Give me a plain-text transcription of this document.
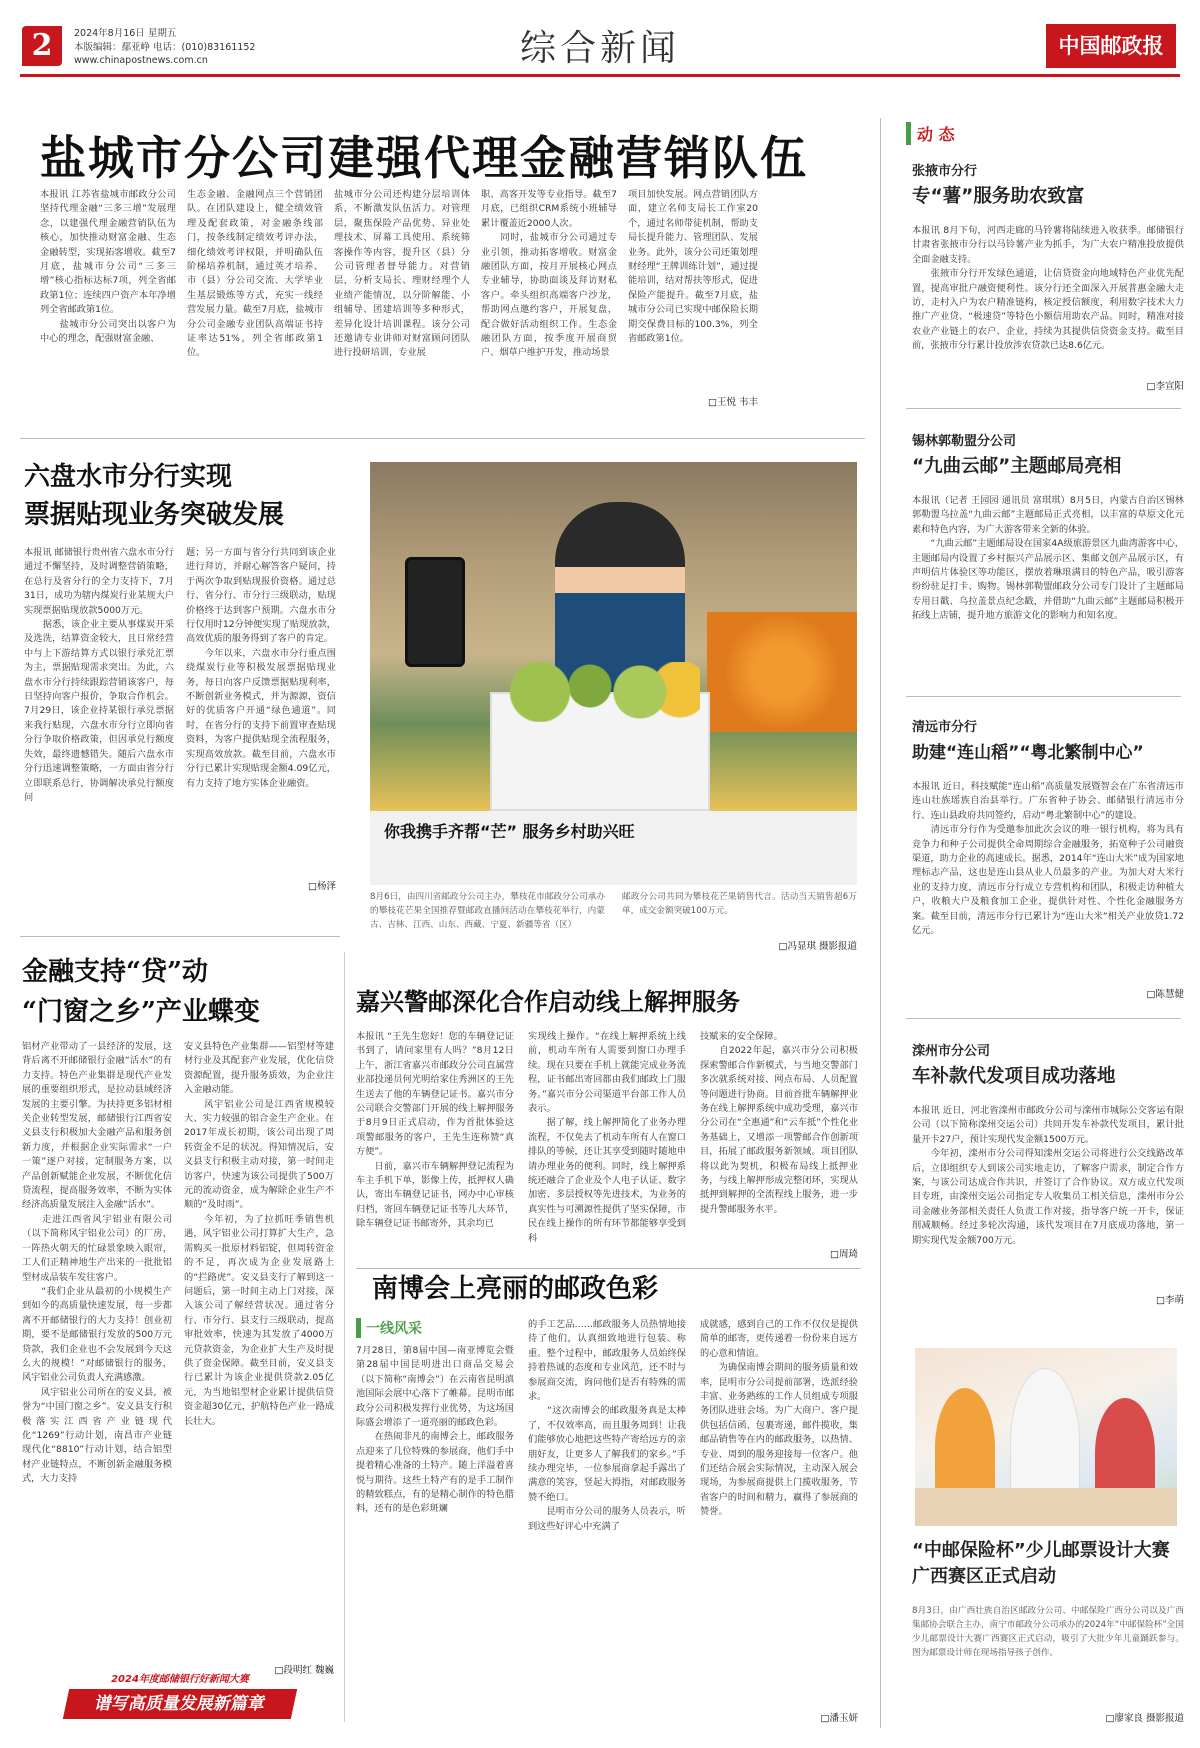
2	2024年8月16日 星期五
本版编辑：鄢亚峥 电话：(010)83161152
www.chinapostnews.com.cn	综合新闻	中国邮政报
盐城市分公司建强代理金融营销队伍
本报讯 江苏省盐城市邮政分公司坚持代理金融“三多三增”发展理念，以建强代理金融营销队伍为核心，加快推动财富金融、生态金融转型，实现拓客增收。截至7月底，盐城市分公司“三多三增”核心指标达标7项，列全省邮政第1位；连续四户资产本年净增列全省邮政第1位。
　　盐城市分公司突出以客户为中心的理念，配强财富金融、
生态金融、金融网点三个营销团队。在团队建设上，健全绩效管理及配套政策，对金融条线部门，按条线制定绩效考评办法，细化绩效考评权限，并明确队伍阶梯培养机制，通过英才培养、市（县）分公司交流、大学毕业生基层锻炼等方式，充实一线经营发展力量。截至7月底，盐城市分公司金融专业团队高端证书持证率达51%，列全省邮政第1位。
盐城市分公司还构建分层培训体系，不断激发队伍活力。对管理层，聚焦保险产品优势、异业处理技术、屏幕工具使用、系统筛客操作等内容，提升区（县）分公司管理者督导能力。对营销层，分析支局长、理财经理个人业绩产能情况，以分阶解能、小组辅导、团建培训等多种形式，差异化设计培训课程。该分公司还邀请专业讲师对财富顾问团队进行投研培训，专业展
职、高客开发等专业指导。截至7月底，已组织CRM系统小班辅导累计覆盖近2000人次。
　　同时，盐城市分公司通过专业引领，推动拓客增收。财富金融团队方面，按月开展核心网点专业辅导，协助面谈及拜访财私客户。牵头组织高端客户沙龙，帮助网点邀约客户，开展复盘，配合做好活动组织工作。生态金融团队方面，按季度开展商贸户、烟草户维护开发，推动场景
项目加快发展。网点营销团队方面，建立名师支局长工作室20个，通过名师带徒机制，帮助支局长提升能力、管理团队、发展业务。此外，该分公司还策划理财经理“王牌训练计划”，通过提能培训，结对帮扶等形式，促进保险产能提升。截至7月底，盐城市分公司已实现中邮保险长期期交保费目标的100.3%，列全省邮政第1位。
□王悦 韦丰
六盘水市分行实现
票据贴现业务突破发展
本报讯 邮储银行贵州省六盘水市分行通过不懈坚持，及时调整营销策略，在总行及省分行的全力支持下，7月31日，成功为辖内煤炭行业某规大户实现票据贴现放款5000万元。
　　据悉，该企业主要从事煤炭开采及选洗，结算资金较大，且日常经营中与上下游结算方式以银行承兑汇票为主，票据贴现需求突出。为此，六盘水市分行持续跟踪营销该客户，每日坚持向客户报价，争取合作机会。7月29日，该企业持某银行承兑票据来我行贴现，六盘水市分行立即向省分行争取价格政策，但因承兑行额度失效，最终遗憾错失。随后六盘水市分行迅速调整策略，一方面由省分行立即联系总行，协调解决承兑行额度问
题；另一方面与省分行共同到该企业进行拜访，并耐心解答客户疑问，持于两次争取到贴现报价资格。通过总行、省分行、市分行三级联动，贴现价格终于达到客户预期。六盘水市分行仅用时12分钟便实现了贴现放款，高效优质的服务得到了客户的肯定。
　　今年以来，六盘水市分行重点围绕煤炭行业等积极发展票据贴现业务，每日向客户反馈票据贴现利率，不断创新业务模式，并为源源，资信好的优质客户开通“绿色通道”。同时，在省分行的支持下前置审查贴现资料，为客户提供贴现全流程服务，实现高效放款。截至目前，六盘水市分行已累计实现贴现金额4.09亿元，有力支持了地方实体企业融资。
□杨泽
你我携手齐帮“芒” 服务乡村助兴旺
8月6日，由四川省邮政分公司主办，攀枝花市邮政分公司承办的攀枝花芒果全国推荐暨邮政直播间活动在攀枝花举行，内蒙古、吉林、江西、山东、西藏、宁夏、新疆等省（区）
邮政分公司共同为攀枝花芒果销售代言。活动当天销售超6万单，成交金额突破100万元。
□冯显琪 摄影报道
金融支持“贷”动
“门窗之乡”产业蝶变
铝材产业带动了一县经济的发展，这背后离不开邮储银行金融“活水”的有力支持。特色产业集群是现代产业发展的重要组织形式，是拉动县域经济发展的主要引擎。为扶持更多铝材相关企业转型发展，邮储银行江西省安义县支行积极加大金融产品和服务创新力度，并根据企业实际需求“一户一策”逐户对接，定制服务方案，以产品创新赋能企业发展，不断优化信贷流程，提高服务效率，不断为实体经济高质量发展注入金融“活水”。
　　走进江西省风宇铝业有限公司（以下简称风宇铝业公司）的厂房，一阵热火朝天的忙碌景象映入眼帘，工人们正精神地生产出来的一批批铝型材成品装车发往客户。
　　“我们企业从最初的小规模生产到如今的高质量快速发展，每一步都离不开邮储银行的大力支持！创业初期，要不是邮储银行发放的500万元贷款，我们企业也不会发展到今天这么大的规模！”对邮储银行的服务，风宇铝业公司负责人充满感激。
　　风宇铝业公司所在的安义县，被誉为“中国门窗之乡”。安义县支行积极落实江西省产业链现代化“1269”行动计划，南昌市产业链现代化“8810”行动计划，结合铝型材产业链特点，不断创新金融服务模式，大力支持
安义县特色产业集群——铝型材等建材行业及其配套产业发展，优化信贷资源配置，提升服务质效，为企业注入金融动能。
　　风宇铝业公司是江西省规模较大、实力较强的铝合金生产企业。在2017年成长初期，该公司出现了周转资金不足的状况。得知情况后，安义县支行积极主动对接，第一时间走访客户，快速为该公司提供了500万元的流动资金，成为解除企业生产不顺的“及时雨”。
　　今年初，为了拉抓旺季销售机遇，风宇铝业公司打算扩大生产，急需购买一批原材料铝锭，但周转资金的不足，再次成为企业发展路上的“拦路虎”。安义县支行了解到这一问题后，第一时间主动上门对接，深入该公司了解经营状况。通过省分行、市分行、县支行三级联动，提高审批效率，快速为其发放了4000万元贷款资金，为企业扩大生产及时提供了资金保障。截至目前，安义县支行已累计为该企业提供贷款2.05亿元，为当地铝型材企业累计提供信贷资金超30亿元，护航特色产业一路成长壮大。
□段明红 魏巍
嘉兴警邮深化合作启动线上解押服务
本报讯 “王先生您好！您的车辆登记证书到了，请问家里有人吗？”8月12日上午，浙江省嘉兴市邮政分公司直属营业部投递员何光明给家住秀洲区的王先生送去了他的车辆登记证书。嘉兴市分公司联合交警部门开展的线上解押服务于8月9日正式启动，作为首批体验这项警邮服务的客户，王先生连称赞“真方便”。
　　日前，嘉兴市车辆解押登记流程为车主手机下单，影像上传，抵押权人确认，寄出车辆登记证书，网办中心审核归档，寄回车辆登记证书等几大环节，除车辆登记证书邮寄外，其余均已
实现线上操作。“在线上解押系统上线前，机动车所有人需要到窗口办理手续。现在只要在手机上就能完成业务流程，证书邮出寄回都由我们邮政上门服务。”嘉兴市分公司渠道平台部工作人员表示。
　　据了解，线上解押简化了业务办理流程，不仅免去了机动车所有人在窗口排队的等候，还让其享受到随时随地申请办理业务的便利。同时，线上解押系统还融合了企业及个人电子认证、数字加密、多层授权等先进技术，为业务的真实性与可溯源性提供了坚实保障，市民在线上操作的所有环节都能够享受到科
技赋来的安全保障。
　　自2022年起，嘉兴市分公司积极探索警邮合作新模式，与当地交警部门多次就系统对接、网点布局、人员配置等问题进行协商。目前首批车辆解押业务在线上解押系统中成功受理，嘉兴市分公司在“全惠通”和“云车抵”个性化业务基础上，又增添一项警邮合作创新项目，拓展了邮政服务新领域。项目团队将以此为契机，积极布局线上抵押业务，与线上解押形成完整闭环，实现从抵押到解押的全流程线上服务，进一步提升警邮服务水平。
□周琦
南博会上亮丽的邮政色彩
一线风采
7月28日，第8届中国—南亚博览会暨第28届中国昆明进出口商品交易会（以下简称“南博会”）在云南省昆明滇池国际会展中心落下了帷幕。昆明市邮政分公司积极发挥行业优势，为这场国际盛会增添了一道亮丽的邮政色彩。
　　在热闹非凡的南博会上，邮政服务点迎来了几位特殊的参展商，他们手中提着精心准备的土特产。随上洋溢着喜悦与期待。这些土特产有的是手工制作的精致糕点，有的是精心制作的特色腊料，还有的是色彩斑斓
的手工艺品……邮政服务人员热情地接待了他们，认真细致地进行包装、称重。整个过程中，邮政服务人员始终保持着热诚的态度和专业风范，还不时与参展商交流，询问他们是否有特殊的需求。
　　“这次南博会的邮政服务真是太棒了，不仅效率高，而且服务周到！让我们能够放心地把这些特产寄给远方的亲朋好友，让更多人了解我们的家乡。”手续办理完毕，一位参展商拿起手露出了满意的笑容，竖起大拇指，对邮政服务赞不绝口。
　　昆明市分公司的服务人员表示，听到这些好评心中充满了
成就感，感到自己的工作不仅仅是提供简单的邮寄，更传递着一份份来自远方的心意和情谊。
　　为确保南博会期间的服务质量和效率，昆明市分公司提前部署，选派经验丰富、业务熟练的工作人员组成专项服务团队进驻会场。为广大商户、客户提供包括信函、包裹寄递，邮件揽收，集邮品销售等在内的邮政服务，以热情、专业、周到的服务迎接每一位客户。他们还结合展会实际情况，主动深入展会现场，为参展商提供上门揽收服务，节省客户的时间和精力，赢得了参展商的赞誉。
□潘玉妍
2024年度邮储银行好新闻大赛
谱写高质量发展新篇章
动 态
张掖市分行
专“薯”服务助农致富
本报讯 8月下旬，河西走廊的马铃薯将陆续进入收获季。邮储银行甘肃省张掖市分行以马铃薯产业为抓手，为广大农户精准投放提供全面金融支持。
　　张掖市分行开发绿色通道，让信贷资金向地域特色产业优先配置，提高审批户融资便利性。该分行还全面深入开展普惠金融大走访，走村入户为农户精准链构，核定授信额度，利用数字技术大力推广产业贷、“极速贷”等特色小额信用助农产品。同时，精准对接农业产业链上的农户、企业，持续为其提供信贷资金支持。截至目前，张掖市分行累计投放涉农贷款已达8.6亿元。
□李宣阳
锡林郭勒盟分公司
“九曲云邮”主题邮局亮相
本报讯（记者 王园园 通讯员 富琪琪）8月5日，内蒙古自治区锡林郭勒盟乌拉盖“九曲云邮”主题邮局正式亮相，以丰富的草原文化元素和特色内容，为广大游客带来全新的体验。
　　“九曲云邮”主题邮局设在国家4A级旅游景区九曲湾游客中心，主题邮局内设置了乡村振兴产品展示区、集邮文创产品展示区，有声明信片体验区等功能区，摆放着琳琅满目的特色产品，吸引游客纷纷驻足打卡、购物。锡林郭勒盟邮政分公司专门设计了主题邮局专用日戳、乌拉盖景点纪念戳，并借助“九曲云邮”主题邮局积极开拓线上店铺，提升地方旅游文化的影响力和知名度。
清远市分行
助建“连山稻”“粤北繁制中心”
本报讯 近日，科技赋能“连山稻”高质量发展暨智会在广东省清远市连山壮族瑶族自治县举行。广东省种子协会、邮储银行清远市分行、连山县政府共同签约，启动“粤北繁制中心”的建设。
　　清远市分行作为受邀参加此次会议的唯一银行机构，将为具有竞争力和种子公司提供全命周期综合金融服务，拓宽种子公司融资渠道，助力企业的高速成长。据悉，2014年“连山大米”成为国家地理标志产品，这也是连山县从业人员最多的产业。为加大对大米行业的支持力度，清远市分行成立专营机构和团队，积极走访种植大户，收粮大户及粮食加工企业，提供针对性、个性化金融服务方案。截至目前，清远市分行已累计为“连山大米”相关产业放贷1.72亿元。
□陈慧健
滦州市分公司
车补款代发项目成功落地
本报讯 近日，河北省滦州市邮政分公司与滦州市城际公交客运有限公司（以下简称滦州交运公司）共同开发车补款代发项目，累计批量开卡27户，预计实现代发金额1500万元。
　　今年初，滦州市分公司得知滦州交运公司将进行公交线路改革后，立即组织专人到该公司实地走访，了解客户需求，制定合作方案，与该公司达成合作共识，并签订了合作协议。双方成立代发项目专班，由滦州交运公司指定专人收集员工相关信息，滦州市分公司金融业务部相关责任人负责工作对接，指导客户统一开卡，保证削减顺畅。经过多轮次沟通，该代发项目在7月底成功落地，第一期实现代发金额700万元。
□李萌
“中邮保险杯”少儿邮票设计大赛
广西赛区正式启动
8月3日，由广西壮族自治区邮政分公司、中邮保险广西分公司以及广西集邮协会联合主办，南宁市邮政分公司承办的2024年“中邮保险杯”全国少儿邮票设计大赛广西赛区正式启动，吸引了大批少年儿童踊跃参与。图为邮票设计师在现场指导孩子创作。
□廖家良 摄影报道
